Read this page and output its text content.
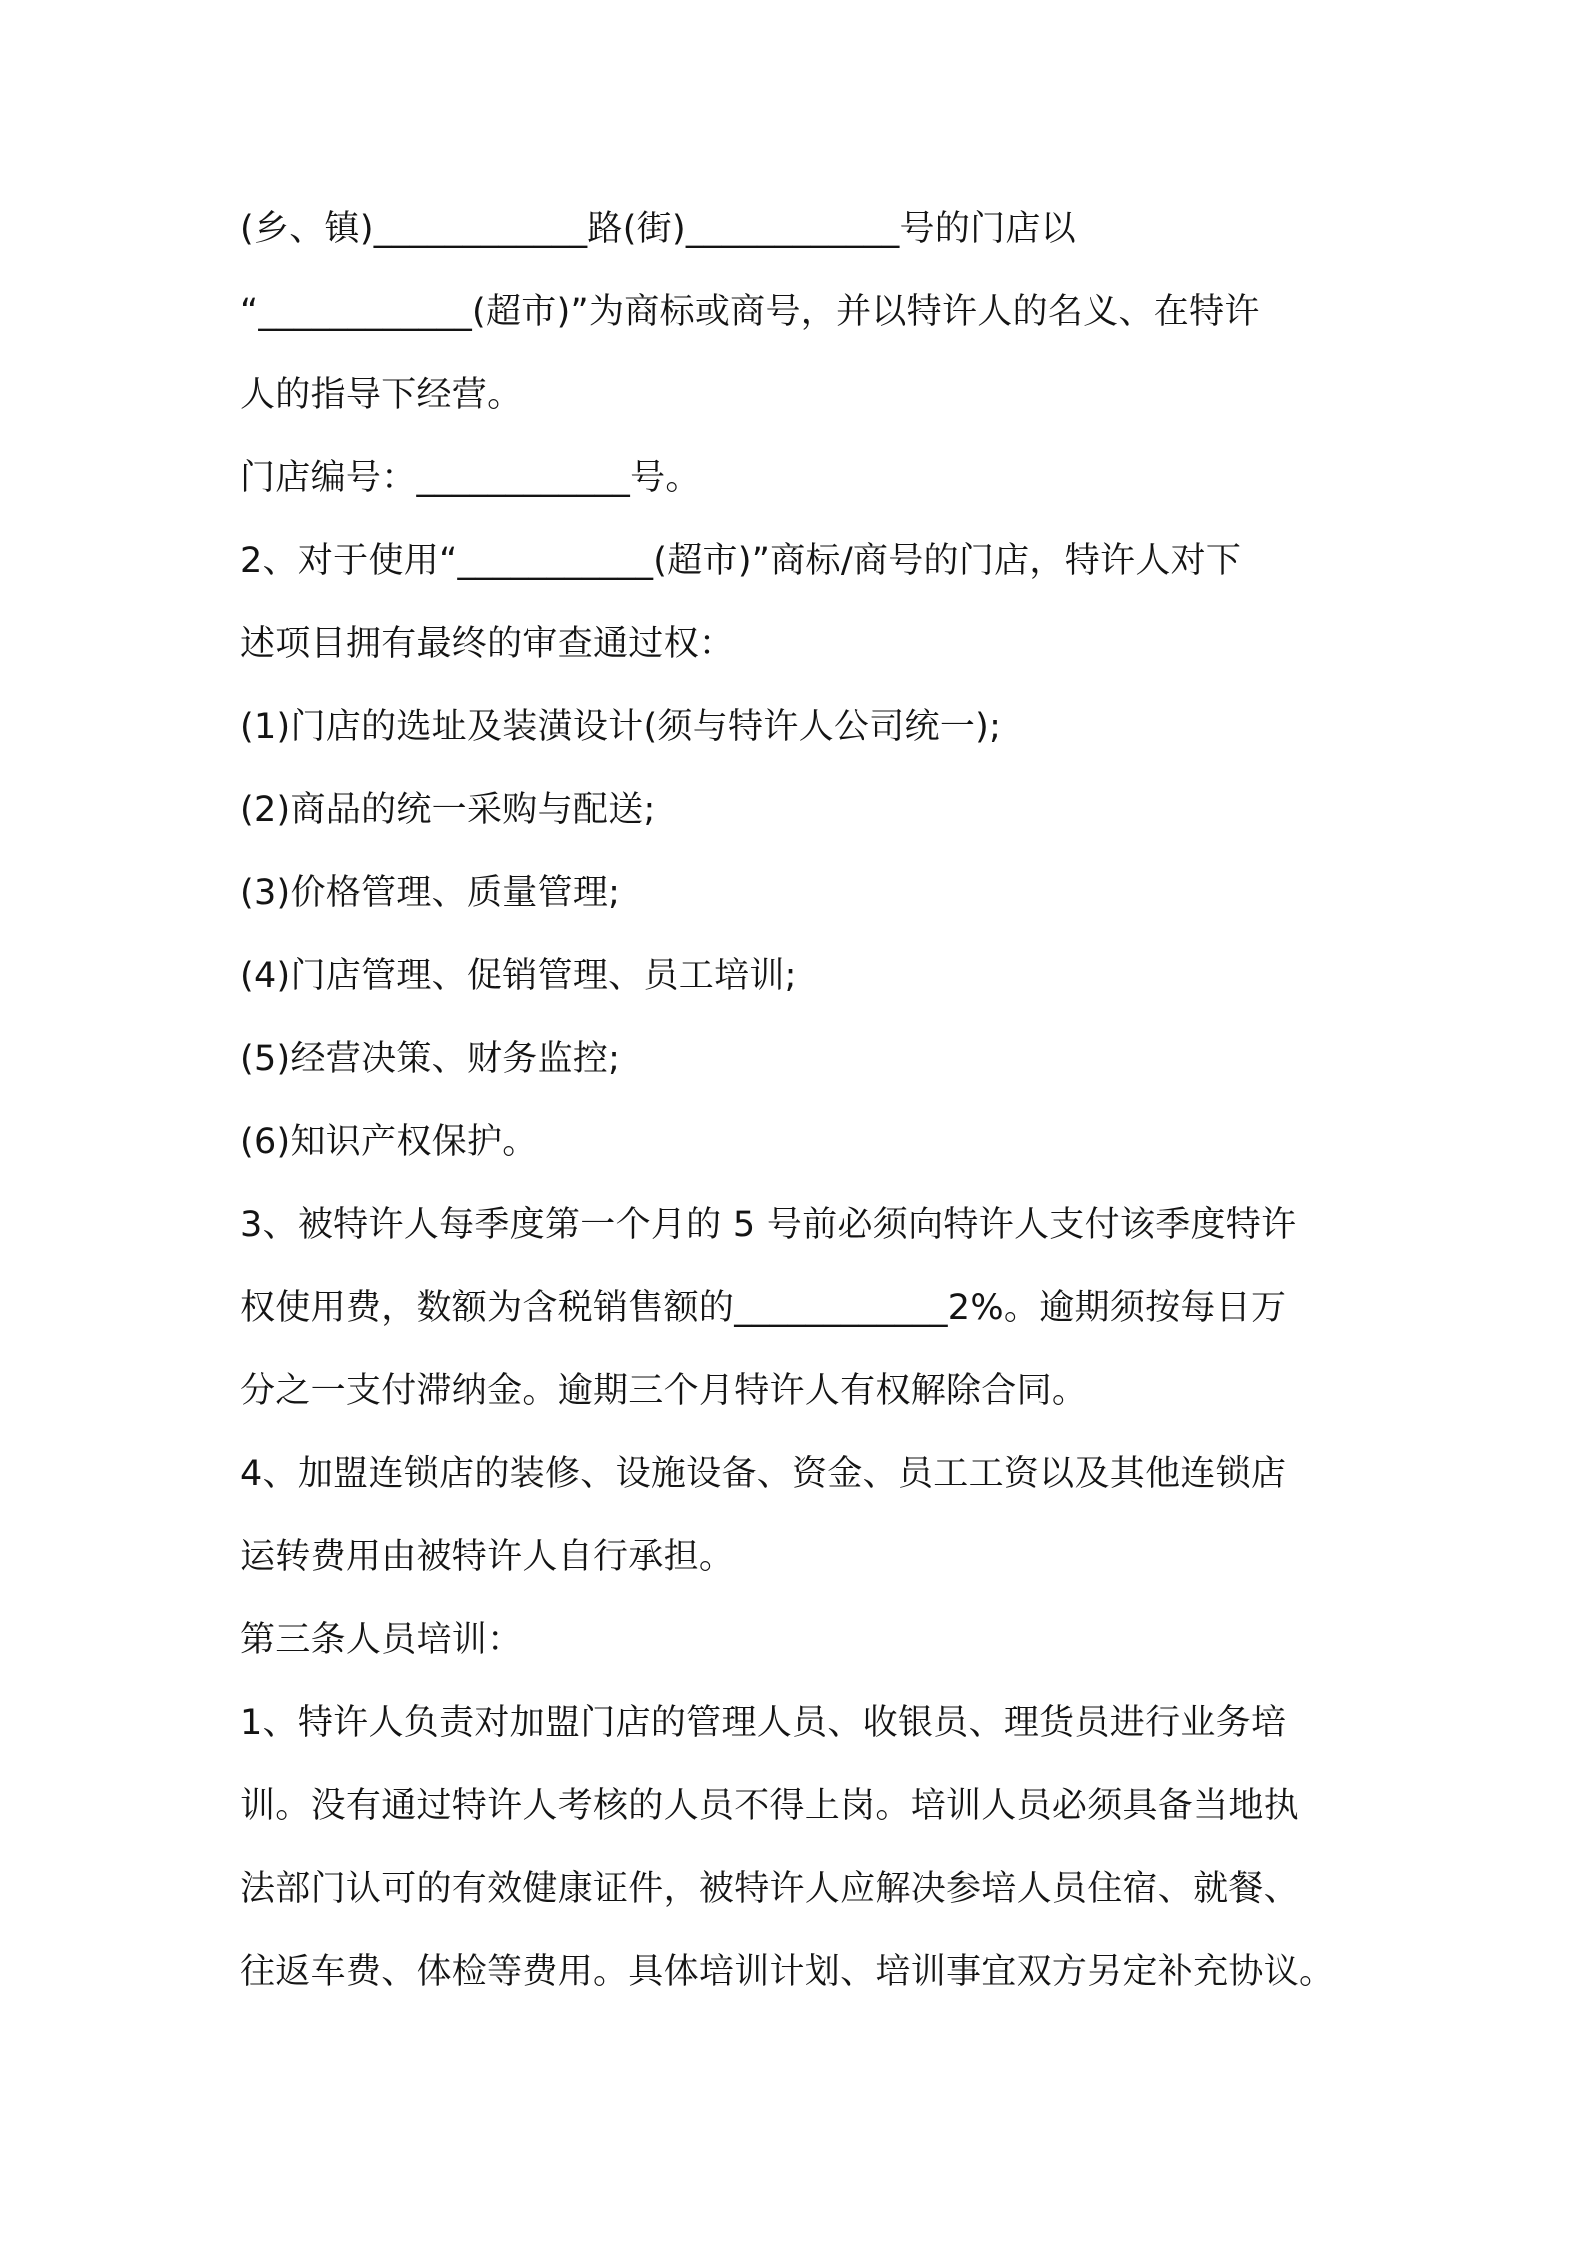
(乡、镇)____________路(街)____________号的门店以

“____________(超市)”为商标或商号，并以特许人的名义、在特许

人的指导下经营。

门店编号：____________号。

2、对于使用“___________(超市)”商标/商号的门店，特许人对下

述项目拥有最终的审查通过权：

(1)门店的选址及装潢设计(须与特许人公司统一);

(2)商品的统一采购与配送;

(3)价格管理、质量管理;

(4)门店管理、促销管理、员工培训;

(5)经营决策、财务监控;

(6)知识产权保护。

3、被特许人每季度第一个月的 5 号前必须向特许人支付该季度特许

权使用费，数额为含税销售额的____________2%。逾期须按每日万

分之一支付滞纳金。逾期三个月特许人有权解除合同。

4、加盟连锁店的装修、设施设备、资金、员工工资以及其他连锁店

运转费用由被特许人自行承担。

第三条人员培训：

1、特许人负责对加盟门店的管理人员、收银员、理货员进行业务培

训。没有通过特许人考核的人员不得上岗。培训人员必须具备当地执

法部门认可的有效健康证件，被特许人应解决参培人员住宿、就餐、

往返车费、体检等费用。具体培训计划、培训事宜双方另定补充协议。
